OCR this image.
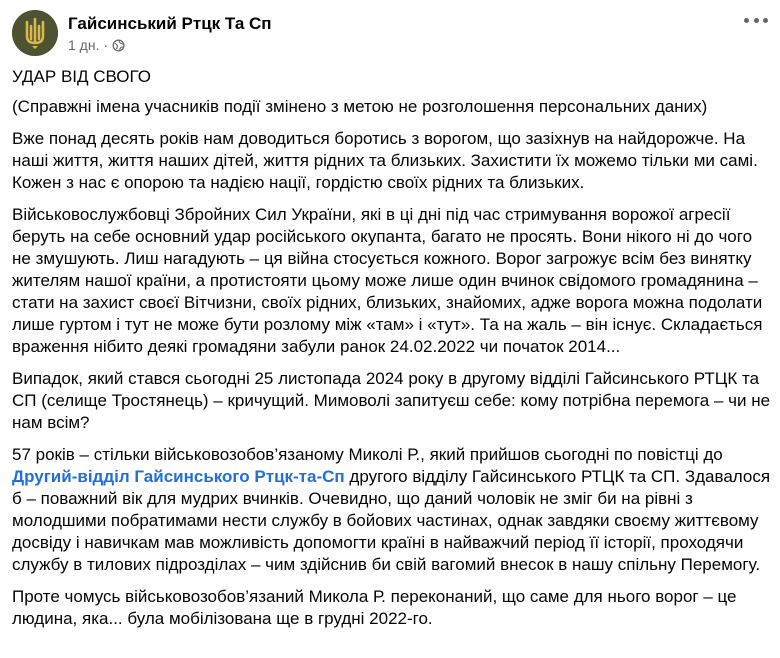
Гайсинський Ртцк Та Сп
1 дн. ·

УДАР ВІД СВОГО

(Справжні імена учасників події змінено з метою не розголошення персональних даних)

Вже понад десять років нам доводиться боротись з ворогом, що зазіхнув на найдорожче. На наші життя, життя наших дітей, життя рідних та близьких. Захистити їх можемо тільки ми самі. Кожен з нас є опорою та надією нації, гордістю своїх рідних та близьких.

Військовослужбовці Збройних Сил України, які в ці дні під час стримування ворожої агресії беруть на себе основний удар російського окупанта, багато не просять. Вони нікого ні до чого не змушують. Лиш нагадують – ця війна стосується кожного. Ворог загрожує всім без винятку жителям нашої країни, а протистояти цьому може лише один вчинок свідомого громадянина – стати на захист своєї Вітчизни, своїх рідних, близьких, знайомих, адже ворога можна подолати лише гуртом і тут не може бути розлому між «там» і «тут». Та на жаль – він існує. Складається враження нібито деякі громадяни забули ранок 24.02.2022 чи початок 2014...

Випадок, який стався сьогодні 25 листопада 2024 року в другому відділі Гайсинського РТЦК та СП (селище Тростянець) – кричущий. Мимоволі запитуєш себе: кому потрібна перемога – чи не нам всім?

57 років – стільки військовозобов’язаному Миколі Р., який прийшов сьогодні по повістці до Другий-відділ Гайсинського Ртцк-та-Сп другого відділу Гайсинського РТЦК та СП. Здавалося б – поважний вік для мудрих вчинків. Очевидно, що даний чоловік не зміг би на рівні з молодшими побратимами нести службу в бойових частинах, однак завдяки своєму життєвому досвіду і навичкам мав можливість допомогти країні в найважчий період її історії, проходячи службу в тилових підрозділах – чим здійснив би свій вагомий внесок в нашу спільну Перемогу.

Проте чомусь військовозобов’язаний Микола Р. переконаний, що саме для нього ворог – це людина, яка... була мобілізована ще в грудні 2022-го.
